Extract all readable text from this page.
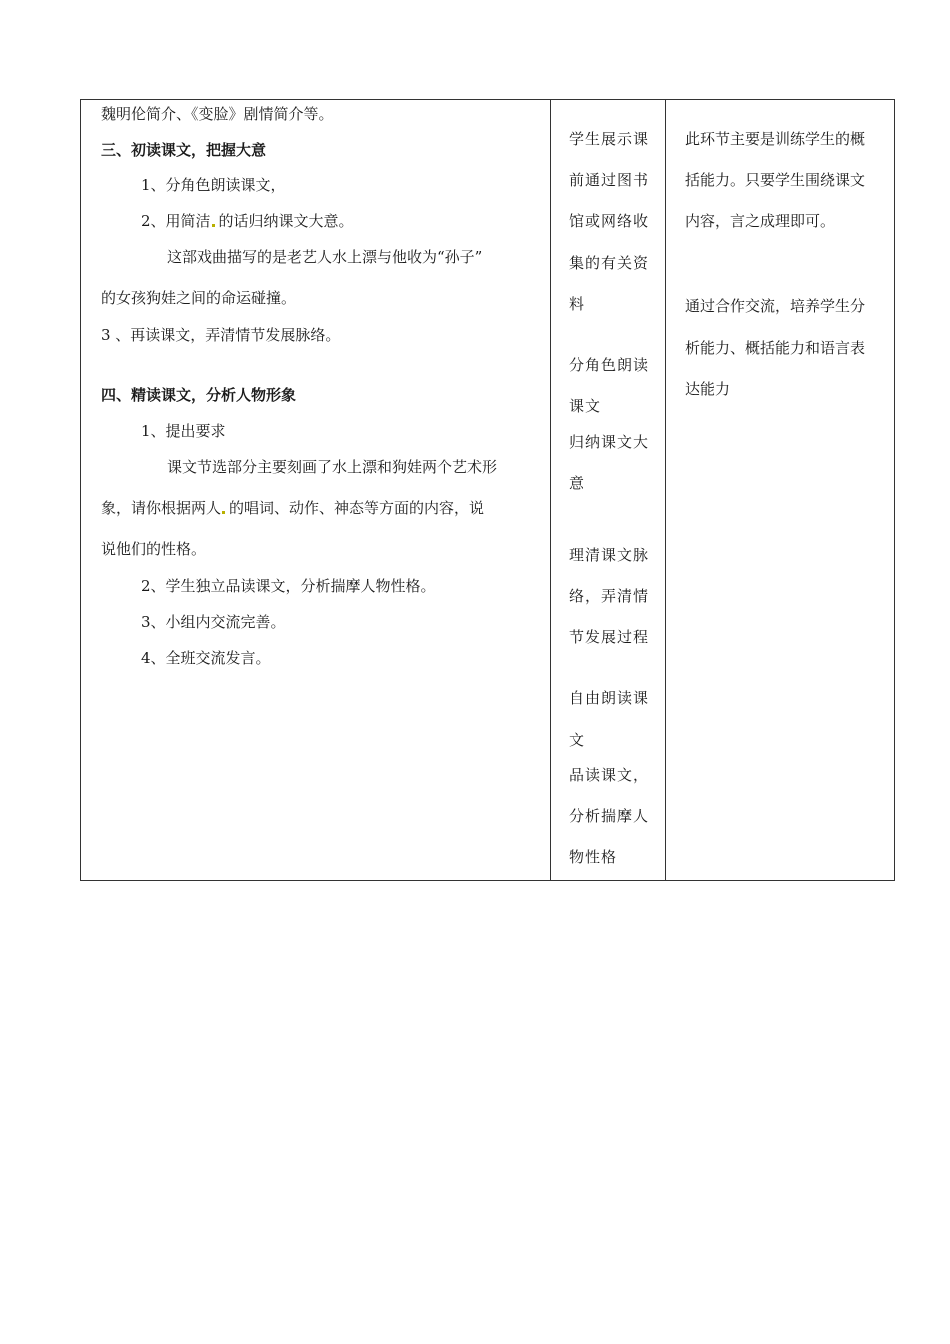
魏明伦简介、《变脸》剧情简介等。
三、初读课文，把握大意
1、分角色朗读课文，
2、用简洁 的话归纳课文大意。
这部戏曲描写的是老艺人水上漂与他收为“孙子”
的女孩狗娃之间的命运碰撞。
3 、再读课文，弄清情节发展脉络。
四、精读课文，分析人物形象
1、提出要求
课文节选部分主要刻画了水上漂和狗娃两个艺术形
象，请你根据两人 的唱词、动作、神态等方面的内容，说
说他们的性格。
2、学生独立品读课文，分析揣摩人物性格。
3、小组内交流完善。
4、全班交流发言。
学生展示课
前通过图书
馆或网络收
集的有关资
料
分角色朗读
课文
归纳课文大
意
理清课文脉
络，弄清情
节发展过程
自由朗读课
文
品读课文，
分析揣摩人
物性格
此环节主要是训练学生的概
括能力。只要学生围绕课文
内容，言之成理即可。
通过合作交流，培养学生分
析能力、概括能力和语言表
达能力
